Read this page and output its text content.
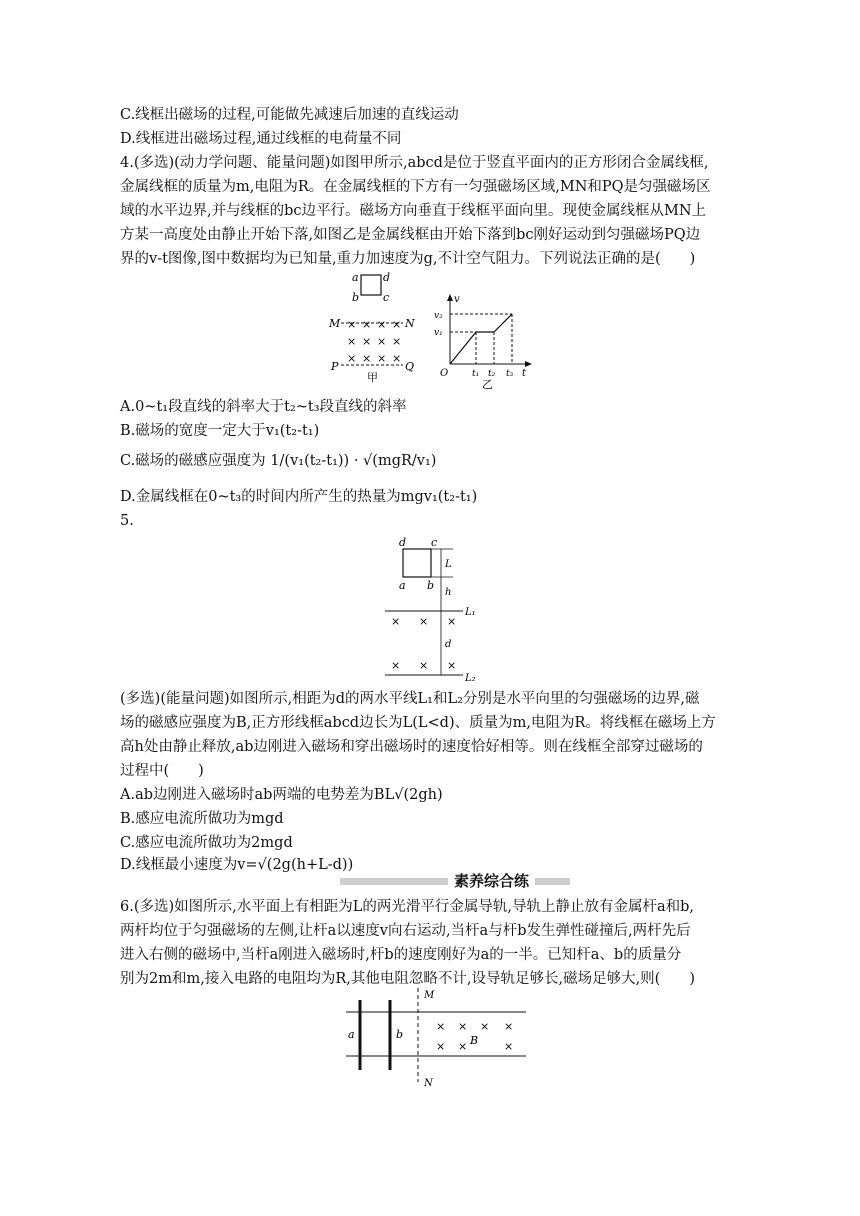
C.线框出磁场的过程,可能做先减速后加速的直线运动
D.线框进出磁场过程,通过线框的电荷量不同
4.(多选)(动力学问题、能量问题)如图甲所示,abcd是位于竖直平面内的正方形闭合金属线框,
金属线框的质量为m,电阻为R。在金属线框的下方有一匀强磁场区域,MN和PQ是匀强磁场区
域的水平边界,并与线框的bc边平行。磁场方向垂直于线框平面向里。现使金属线框从MN上
方某一高度处由静止开始下落,如图乙是金属线框由开始下落到bc刚好运动到匀强磁场PQ边
界的v-t图像,图中数据均为已知量,重力加速度为g,不计空气阻力。下列说法正确的是(　　)
a d
b c
M	N
P	Q
× × × ×
× × × ×
× × × ×
甲
v
v₂
v₁
O	t₁ t₂ t₃ t
乙
A.0~t₁段直线的斜率大于t₂~t₃段直线的斜率
B.磁场的宽度一定大于v₁(t₂-t₁)
C.磁场的磁感应强度为 1/(v₁(t₂-t₁)) · √(mgR/v₁)
D.金属线框在0~t₃的时间内所产生的热量为mgv₁(t₂-t₁)
5.
d c
a b
L
h
L₁
d
L₂
× × ×
× × ×
(多选)(能量问题)如图所示,相距为d的两水平线L₁和L₂分别是水平向里的匀强磁场的边界,磁
场的磁感应强度为B,正方形线框abcd边长为L(L<d)、质量为m,电阻为R。将线框在磁场上方
高h处由静止释放,ab边刚进入磁场和穿出磁场时的速度恰好相等。则在线框全部穿过磁场的
过程中(　　)
A.ab边刚进入磁场时ab两端的电势差为BL√(2gh)
B.感应电流所做功为mgd
C.感应电流所做功为2mgd
D.线框最小速度为v=√(2g(h+L-d))
素养综合练
6.(多选)如图所示,水平面上有相距为L的两光滑平行金属导轨,导轨上静止放有金属杆a和b,
两杆均位于匀强磁场的左侧,让杆a以速度v向右运动,当杆a与杆b发生弹性碰撞后,两杆先后
进入右侧的磁场中,当杆a刚进入磁场时,杆b的速度刚好为a的一半。已知杆a、b的质量分
别为2m和m,接入电路的电阻均为R,其他电阻忽略不计,设导轨足够长,磁场足够大,则(　　)
M
a	b	B
N
× × × ×
× ×	×
